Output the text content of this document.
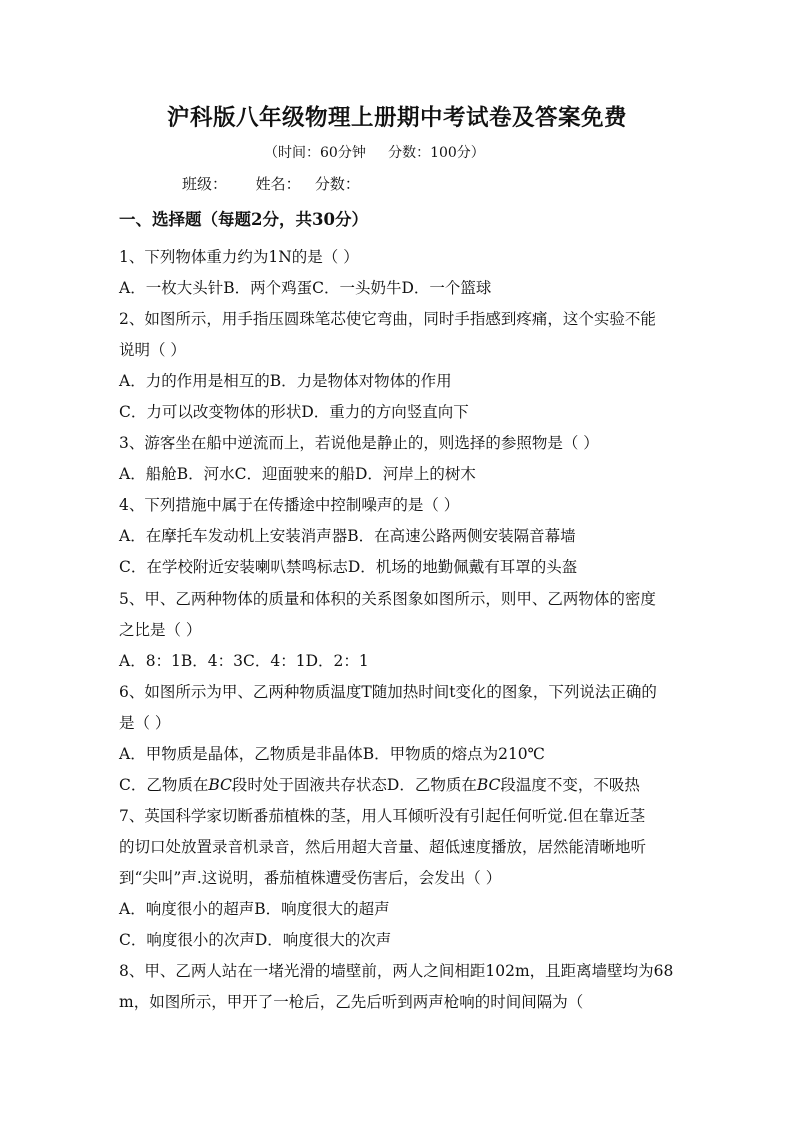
沪科版八年级物理上册期中考试卷及答案免费
（时间：60分钟     分数：100分）
班级：      姓名：   分数：
一、选择题（每题2分，共30分）
1、下列物体重力约为1N的是（ ）
A．一枚大头针B．两个鸡蛋C．一头奶牛D．一个篮球
2、如图所示，用手指压圆珠笔芯使它弯曲，同时手指感到疼痛，这个实验不能
说明（ ）
A．力的作用是相互的B．力是物体对物体的作用
C．力可以改变物体的形状D．重力的方向竖直向下
3、游客坐在船中逆流而上，若说他是静止的，则选择的参照物是（ ）
A．船舱B．河水C．迎面驶来的船D．河岸上的树木
4、下列措施中属于在传播途中控制噪声的是（ ）
A．在摩托车发动机上安装消声器B．在高速公路两侧安装隔音幕墙
C．在学校附近安装喇叭禁鸣标志D．机场的地勤佩戴有耳罩的头盔
5、甲、乙两种物体的质量和体积的关系图象如图所示，则甲、乙两物体的密度
之比是（ ）
A．8：1B．4：3C．4：1D．2：1
6、如图所示为甲、乙两种物质温度T随加热时间t变化的图象，下列说法正确的
是（ ）
A．甲物质是晶体，乙物质是非晶体B．甲物质的熔点为210℃
C．乙物质在BC段时处于固液共存状态D．乙物质在BC段温度不变，不吸热
7、英国科学家切断番茄植株的茎，用人耳倾听没有引起任何听觉.但在靠近茎
的切口处放置录音机录音，然后用超大音量、超低速度播放，居然能清晰地听
到“尖叫”声.这说明，番茄植株遭受伤害后，会发出（ ）
A．响度很小的超声B．响度很大的超声
C．响度很小的次声D．响度很大的次声
8、甲、乙两人站在一堵光滑的墙壁前，两人之间相距102m，且距离墙壁均为68
m，如图所示，甲开了一枪后，乙先后听到两声枪响的时间间隔为（
